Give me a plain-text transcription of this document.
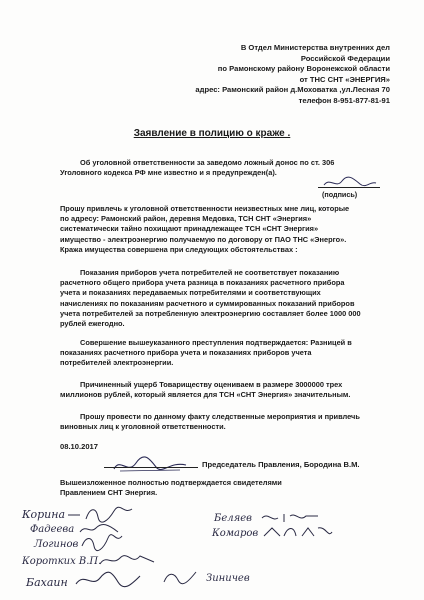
В Отдел Министерства внутренних дел
Российской Федерации
по Рамонскому району Воронежской области
от ТНС СНТ «ЭНЕРГИЯ»
адрес: Рамонский район д.Моховатка ,ул.Лесная 70
телефон 8-951-877-81-91
Заявление в полицию о краже .
Об уголовной ответственности за заведомо ложный донос по ст. 306
Уголовного кодекса РФ мне известно и я предупрежден(а).
(подпись)
Прошу привлечь к уголовной ответственности неизвестных мне лиц, которые
по адресу: Рамонский район, деревня Медовка, ТСН СНТ «Энергия»
систематически тайно похищают принадлежащее ТСН «СНТ Энергия»
имущество - электроэнергию получаемую по договору от ПАО ТНС «Энерго».
Кража имущества совершена при следующих обстоятельствах :
Показания приборов учета потребителей не соответствует показанию
расчетного общего прибора учета разница в показаниях расчетного прибора
учета и показаниях передаваемых потребителями и соответствующих
начислениях по показаниям расчетного и суммированных показаний приборов
учета потребителей за потребленную электроэнергию составляет более 1000 000
рублей ежегодно.
Совершение вышеуказанного преступления подтверждается: Разницей в
показаниях расчетного прибора учета и показаниях приборов учета
потребителей электроэнергии.
Причиненный ущерб Товариществу оцениваем в размере 3000000 трех
миллионов рублей, который является для ТСН «СНТ Энергия» значительным.
Прошу провести по данному факту следственные мероприятия и привлечь
виновных лиц к уголовной ответственности.
08.10.2017
Председатель Правления, Бородина В.М.
Вышеизложенное полностью подтверждается свидетелями
Правлением СНТ Энергия.
Корина
Фадеева
Логинов
Беляев
Комаров
Коротких В.П.
Бахаин	Зиничев
